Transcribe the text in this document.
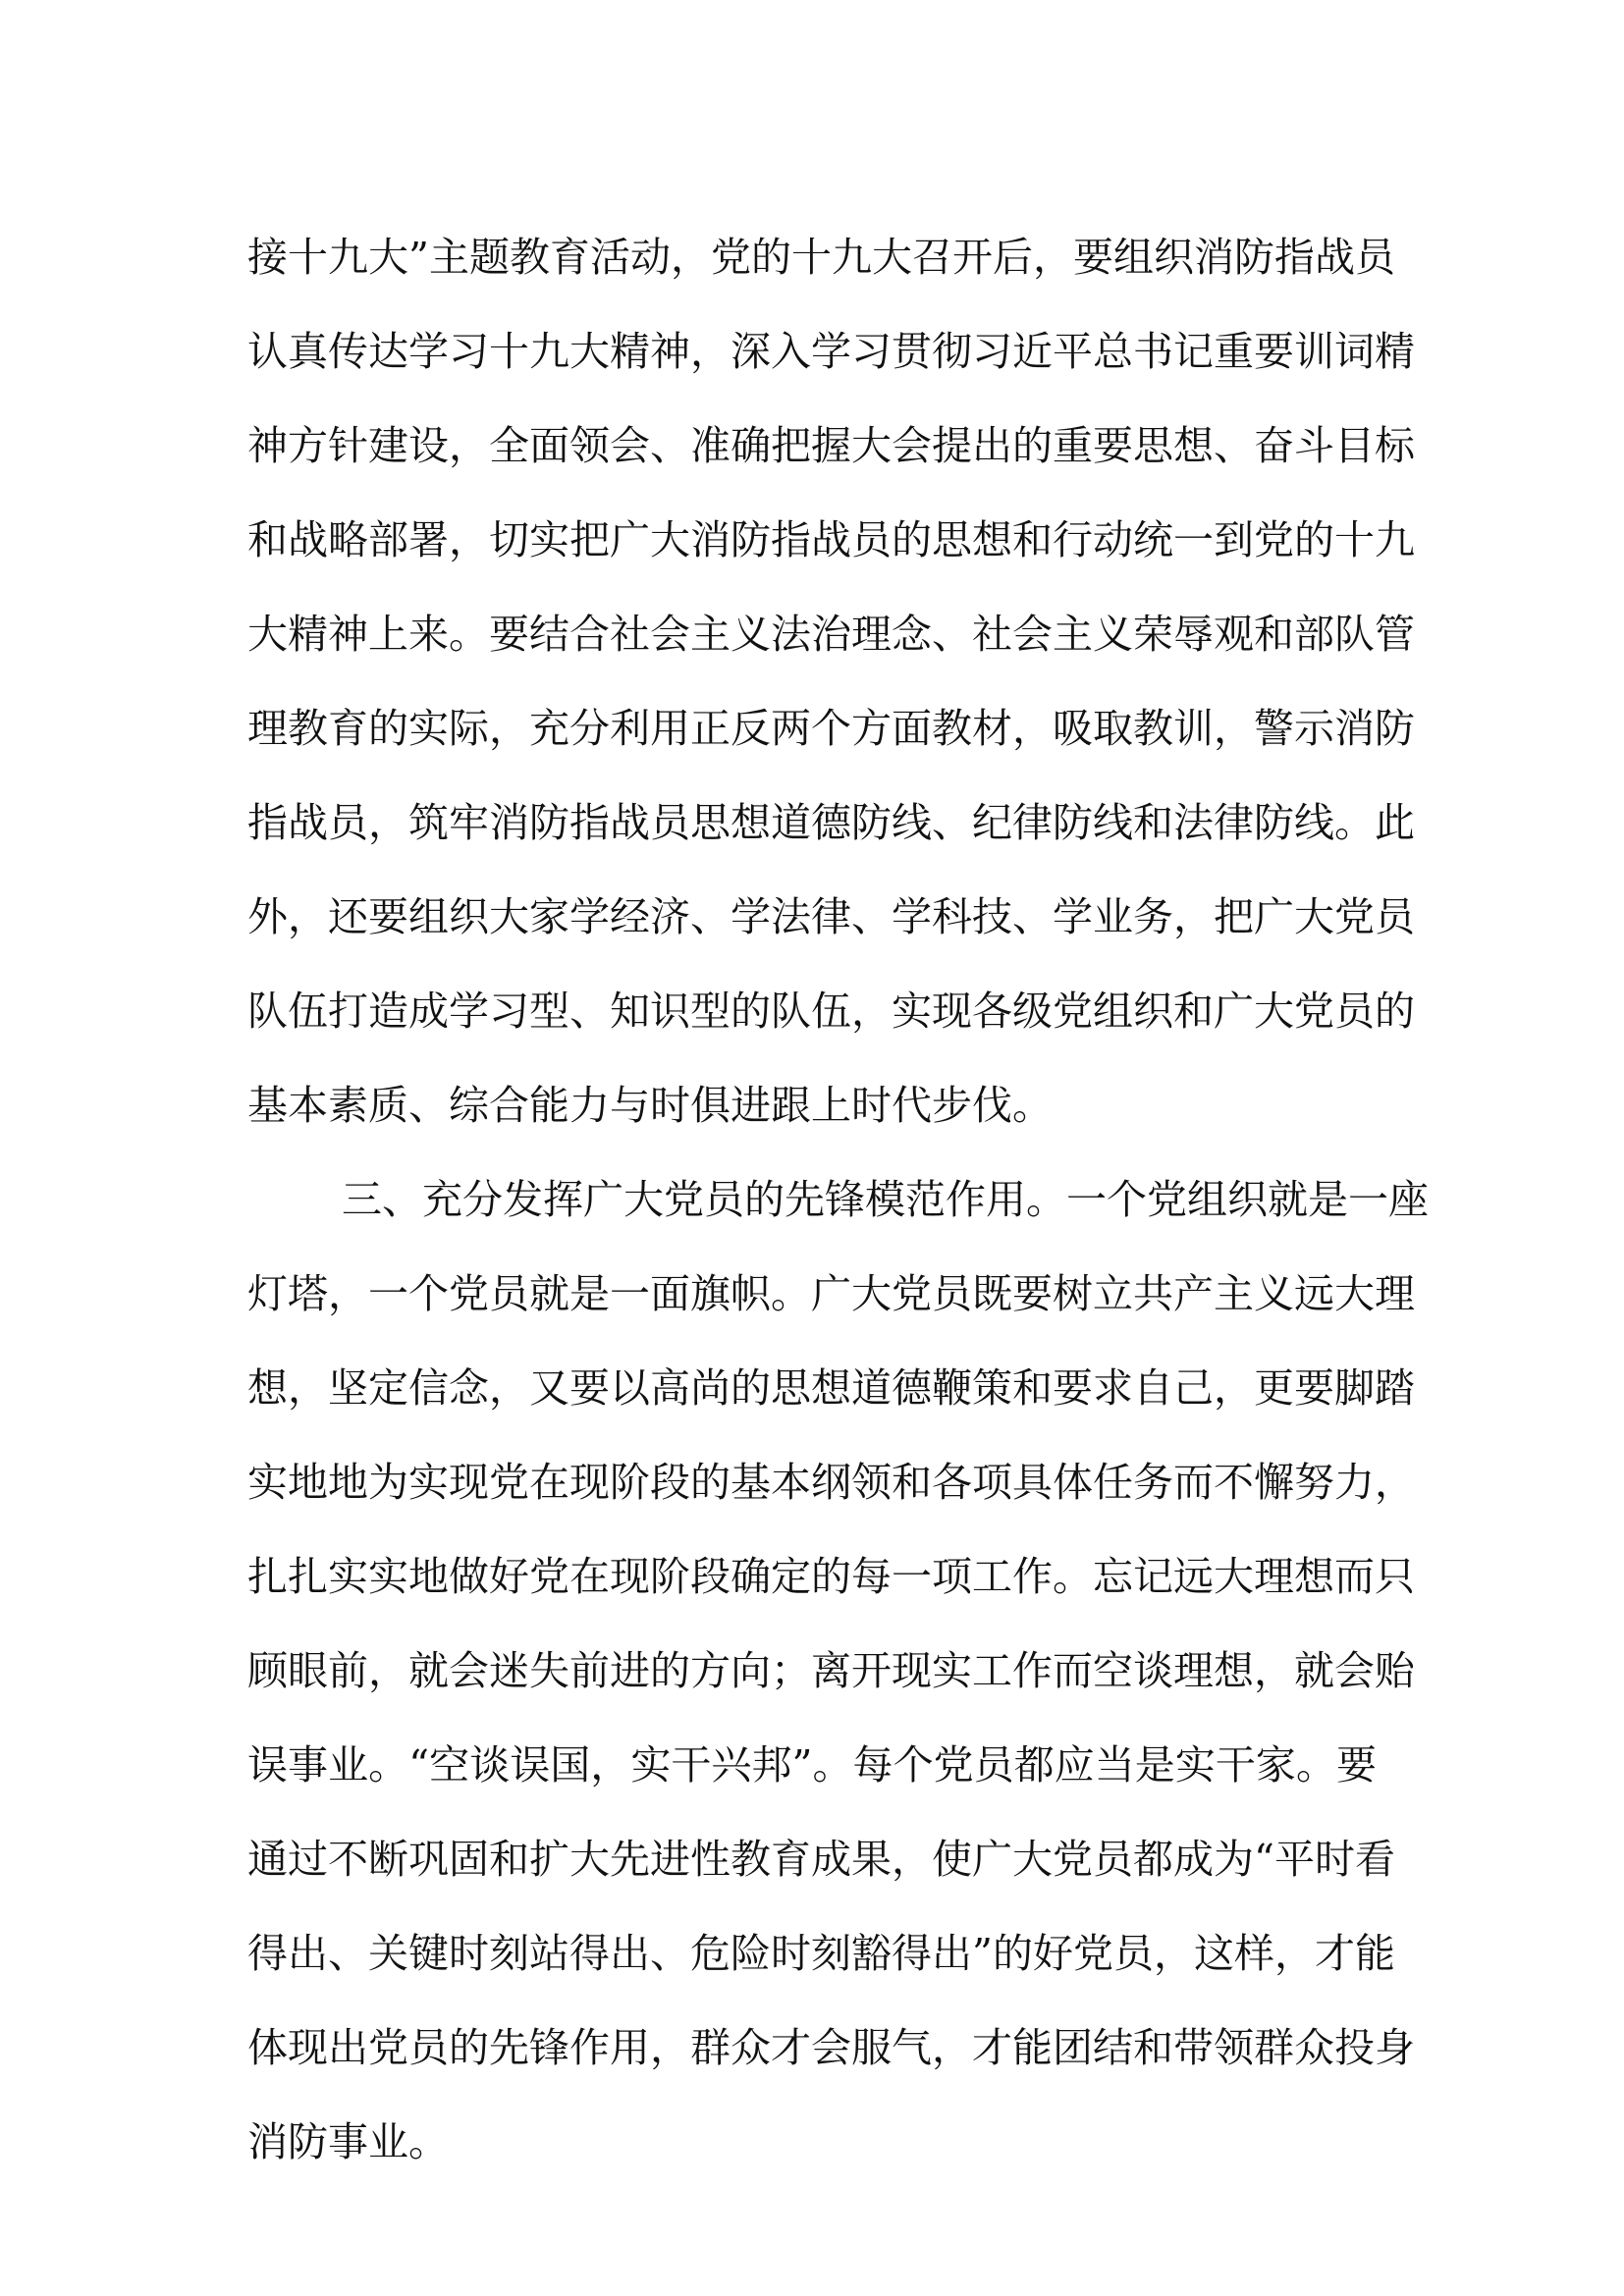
接十九大”主题教育活动，党的十九大召开后，要组织消防指战员
认真传达学习十九大精神，深入学习贯彻习近平总书记重要训词精
神方针建设，全面领会、准确把握大会提出的重要思想、奋斗目标
和战略部署，切实把广大消防指战员的思想和行动统一到党的十九
大精神上来。要结合社会主义法治理念、社会主义荣辱观和部队管
理教育的实际，充分利用正反两个方面教材，吸取教训，警示消防
指战员，筑牢消防指战员思想道德防线、纪律防线和法律防线。此
外，还要组织大家学经济、学法律、学科技、学业务，把广大党员
队伍打造成学习型、知识型的队伍，实现各级党组织和广大党员的
基本素质、综合能力与时俱进跟上时代步伐。
三、充分发挥广大党员的先锋模范作用。一个党组织就是一座
灯塔，一个党员就是一面旗帜。广大党员既要树立共产主义远大理
想，坚定信念，又要以高尚的思想道德鞭策和要求自己，更要脚踏
实地地为实现党在现阶段的基本纲领和各项具体任务而不懈努力，
扎扎实实地做好党在现阶段确定的每一项工作。忘记远大理想而只
顾眼前，就会迷失前进的方向；离开现实工作而空谈理想，就会贻
误事业。“空谈误国，实干兴邦”。每个党员都应当是实干家。要
通过不断巩固和扩大先进性教育成果，使广大党员都成为“平时看
得出、关键时刻站得出、危险时刻豁得出”的好党员，这样，才能
体现出党员的先锋作用，群众才会服气，才能团结和带领群众投身
消防事业。
